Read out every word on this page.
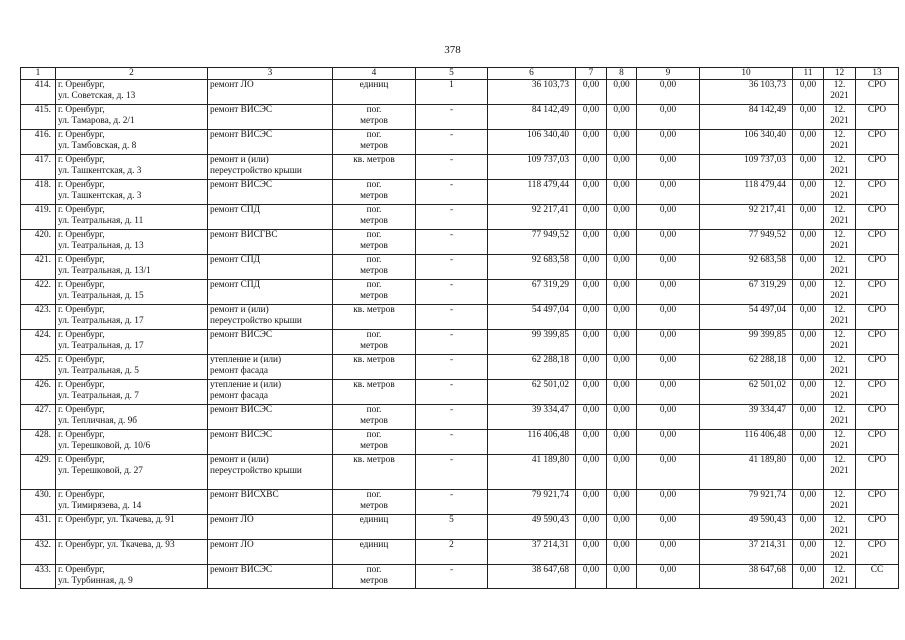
378
1	2	3	4	5	6	7	8	9	10	11	12	13

414.	г. Оренбург,
ул. Советская, д. 13	ремонт ЛО	единиц	1	36 103,73	0,00	0,00	0,00	36 103,73	0,00	12.
2021	СРО

415.	г. Оренбург,
ул. Тамарова, д. 2/1	ремонт ВИСЭС	пог.
метров	-	84 142,49	0,00	0,00	0,00	84 142,49	0,00	12.
2021	СРО

416.	г. Оренбург,
ул. Тамбовская, д. 8	ремонт ВИСЭС	пог.
метров	-	106 340,40	0,00	0,00	0,00	106 340,40	0,00	12.
2021	СРО

417.	г. Оренбург,
ул. Ташкентская, д. 3	ремонт и (или)
переустройство крыши	кв. метров	-	109 737,03	0,00	0,00	0,00	109 737,03	0,00	12.
2021	СРО

418.	г. Оренбург,
ул. Ташкентская, д. 3	ремонт ВИСЭС	пог.
метров	-	118 479,44	0,00	0,00	0,00	118 479,44	0,00	12.
2021	СРО

419.	г. Оренбург,
ул. Театральная, д. 11	ремонт СПД	пог.
метров	-	92 217,41	0,00	0,00	0,00	92 217,41	0,00	12.
2021	СРО

420.	г. Оренбург,
ул. Театральная, д. 13	ремонт ВИСГВС	пог.
метров	-	77 949,52	0,00	0,00	0,00	77 949,52	0,00	12.
2021	СРО

421.	г. Оренбург,
ул. Театральная, д. 13/1	ремонт СПД	пог.
метров	-	92 683,58	0,00	0,00	0,00	92 683,58	0,00	12.
2021	СРО

422.	г. Оренбург,
ул. Театральная, д. 15	ремонт СПД	пог.
метров	-	67 319,29	0,00	0,00	0,00	67 319,29	0,00	12.
2021	СРО

423.	г. Оренбург,
ул. Театральная, д. 17	ремонт и (или)
переустройство крыши	кв. метров	-	54 497,04	0,00	0,00	0,00	54 497,04	0,00	12.
2021	СРО

424.	г. Оренбург,
ул. Театральная, д. 17	ремонт ВИСЭС	пог.
метров	-	99 399,85	0,00	0,00	0,00	99 399,85	0,00	12.
2021	СРО

425.	г. Оренбург,
ул. Театральная, д. 5	утепление и (или)
ремонт фасада	кв. метров	-	62 288,18	0,00	0,00	0,00	62 288,18	0,00	12.
2021	СРО

426.	г. Оренбург,
ул. Театральная, д. 7	утепление и (или)
ремонт фасада	кв. метров	-	62 501,02	0,00	0,00	0,00	62 501,02	0,00	12.
2021	СРО

427.	г. Оренбург,
ул. Тепличная, д. 9б	ремонт ВИСЭС	пог.
метров	-	39 334,47	0,00	0,00	0,00	39 334,47	0,00	12.
2021	СРО

428.	г. Оренбург,
ул. Терешковой, д. 10/6	ремонт ВИСЭС	пог.
метров	-	116 406,48	0,00	0,00	0,00	116 406,48	0,00	12.
2021	СРО

429.	г. Оренбург,
ул. Терешковой, д. 27	ремонт и (или)
переустройство крыши	кв. метров	-	41 189,80	0,00	0,00	0,00	41 189,80	0,00	12.
2021	СРО

430.	г. Оренбург,
ул. Тимирязева, д. 14	ремонт ВИСХВС	пог.
метров	-	79 921,74	0,00	0,00	0,00	79 921,74	0,00	12.
2021	СРО

431.	г. Оренбург, ул. Ткачева, д. 91	ремонт ЛО	единиц	5	49 590,43	0,00	0,00	0,00	49 590,43	0,00	12.
2021	СРО

432.	г. Оренбург, ул. Ткачева, д. 93	ремонт ЛО	единиц	2	37 214,31	0,00	0,00	0,00	37 214,31	0,00	12.
2021	СРО

433.	г. Оренбург,
ул. Турбинная, д. 9	ремонт ВИСЭС	пог.
метров	-	38 647,68	0,00	0,00	0,00	38 647,68	0,00	12.
2021	СС
